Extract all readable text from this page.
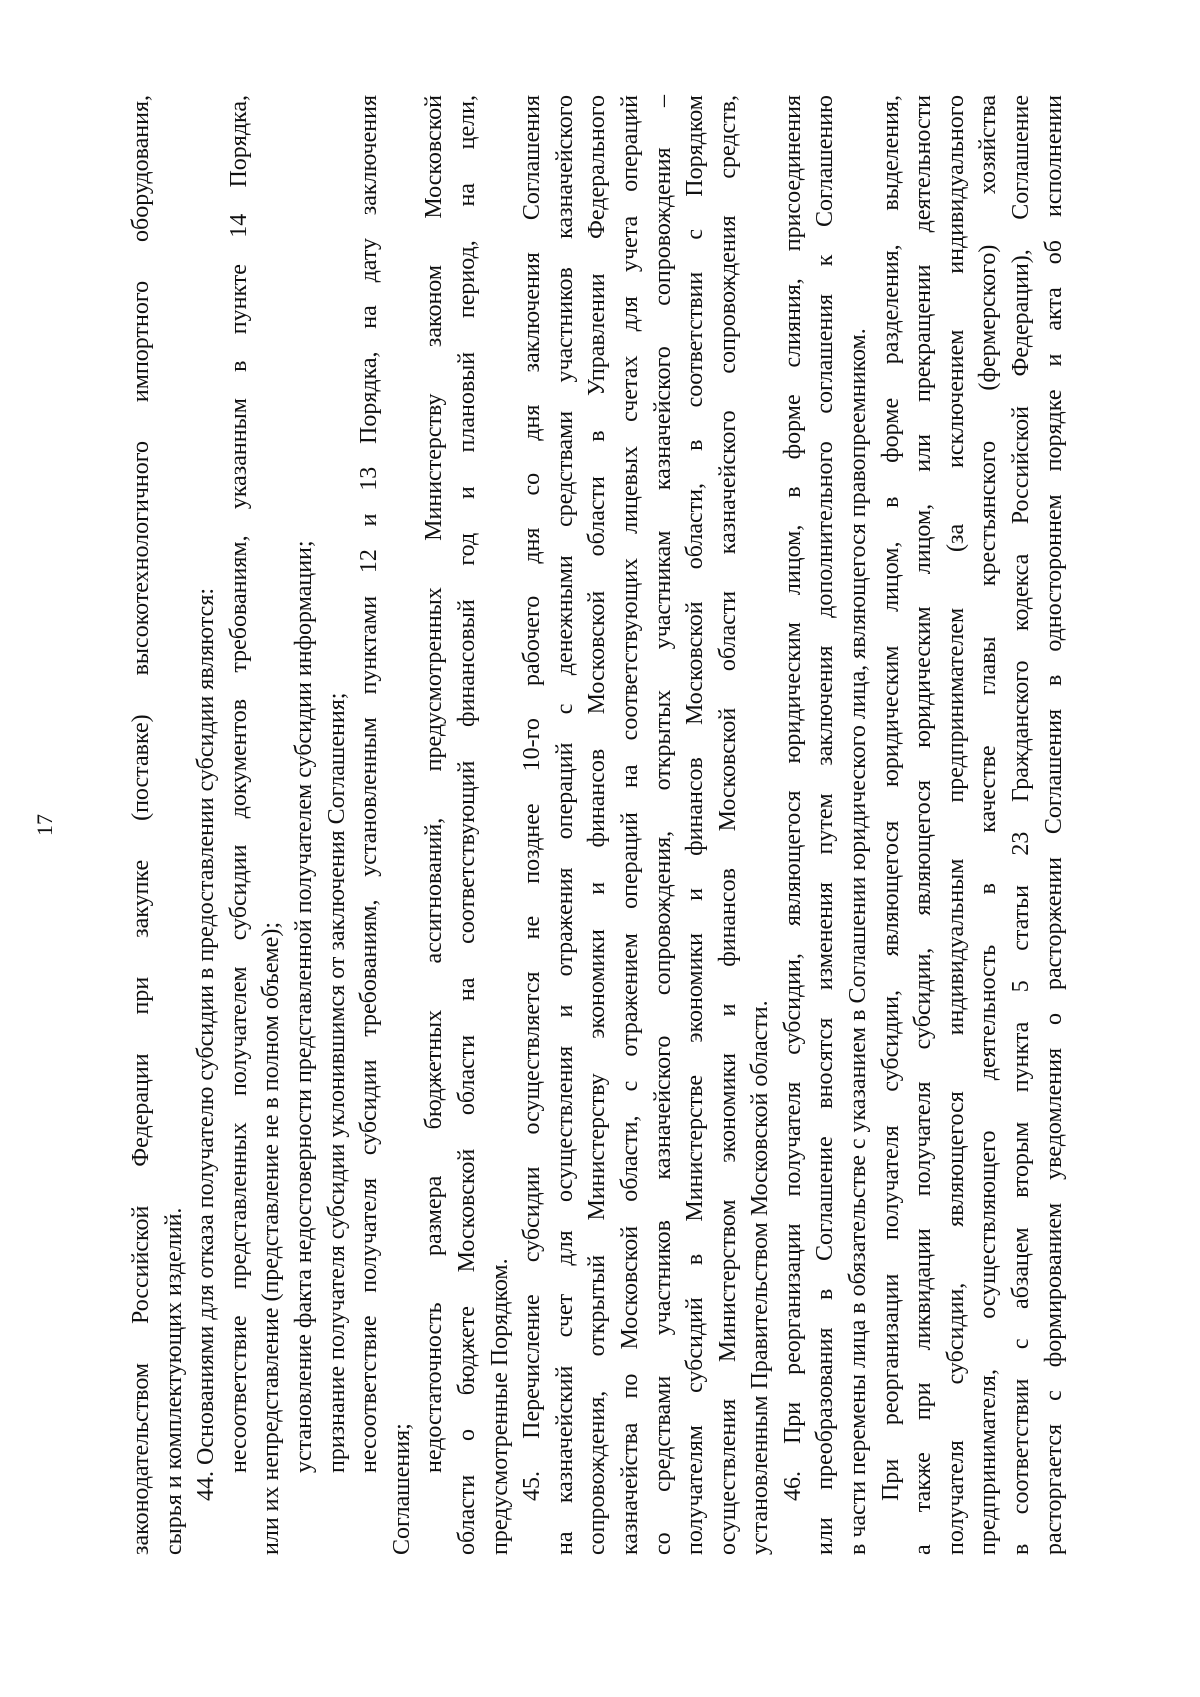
17	законодательством Российской Федерации при закупке (поставке) высокотехнологичного импортного оборудования, сырья и комплектующих изделий. 44. Основаниями для отказа получателю субсидии в предоставлении субсидии являются: несоответствие представленных получателем субсидии документов требованиям, указанным в пункте 14 Порядка, или их непредставление (представление не в полном объеме); установление факта недостоверности представленной получателем субсидии информации; признание получателя субсидии уклонившимся от заключения Соглашения; несоответствие получателя субсидии требованиям, установленным пунктами 12 и 13 Порядка, на дату заключения
Соглашения;
недостаточность размера бюджетных ассигнований, предусмотренных Министерству законом Московской области о бюджете Московской области на соответствующий финансовый год и плановый период, на цели, предусмотренные Порядком. 45. Перечисление субсидии осуществляется не позднее 10-го рабочего дня со дня заключения Соглашения на казначейский счет для осуществления и отражения операций с денежными средствами участников казначейского сопровождения, открытый Министерству экономики и финансов Московской области в Управлении Федерального казначейства по Московской области, с отражением операций на соответствующих лицевых счетах для учета операций со средствами участников казначейского сопровождения, открытых участникам казначейского сопровождения – получателям субсидий в Министерстве экономики и финансов Московской области, в соответствии с Порядком осуществления Министерством экономики и финансов Московской области казначейского сопровождения средств, установленным Правительством Московской области. 46. При реорганизации получателя субсидии, являющегося юридическим лицом, в форме слияния, присоединения или преобразования в Соглашение вносятся изменения путем заключения дополнительного соглашения к Соглашению в части перемены лица в обязательстве с указанием в Соглашении юридического лица, являющегося правопреемником. При реорганизации получателя субсидии, являющегося юридическим лицом, в форме разделения, выделения, а также при ликвидации получателя субсидии, являющегося юридическим лицом, или прекращении деятельности получателя субсидии, являющегося индивидуальным предпринимателем (за исключением индивидуального предпринимателя, осуществляющего деятельность в качестве главы крестьянского (фермерского) хозяйства в соответствии с абзацем вторым пункта 5 статьи 23 Гражданского кодекса Российской Федерации), Соглашение расторгается с формированием уведомления о расторжении Соглашения в одностороннем порядке и акта об исполнении
